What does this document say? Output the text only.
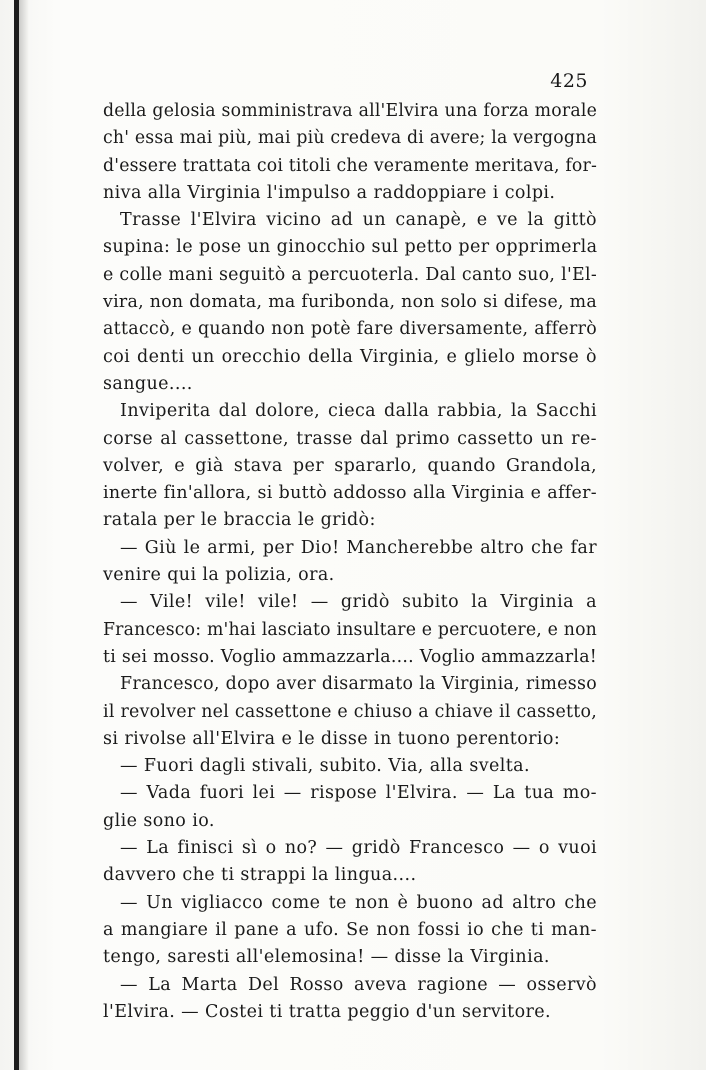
425
della gelosia somministrava all'Elvira una forza morale
ch' essa mai più, mai più credeva di avere; la vergogna
d'essere trattata coi titoli che veramente meritava, for-
niva alla Virginia l'impulso a raddoppiare i colpi.
Trasse l'Elvira vicino ad un canapè, e ve la gittò
supina: le pose un ginocchio sul petto per opprimerla
e colle mani seguitò a percuoterla. Dal canto suo, l'El-
vira, non domata, ma furibonda, non solo si difese, ma
attaccò, e quando non potè fare diversamente, afferrò
coi denti un orecchio della Virginia, e glielo morse ò
sangue....
Inviperita dal dolore, cieca dalla rabbia, la Sacchi
corse al cassettone, trasse dal primo cassetto un re-
volver, e già stava per spararlo, quando Grandola,
inerte fin'allora, si buttò addosso alla Virginia e affer-
ratala per le braccia le gridò:
— Giù le armi, per Dio! Mancherebbe altro che far
venire qui la polizia, ora.
— Vile! vile! vile! — gridò subito la Virginia a
Francesco: m'hai lasciato insultare e percuotere, e non
ti sei mosso. Voglio ammazzarla.... Voglio ammazzarla!
Francesco, dopo aver disarmato la Virginia, rimesso
il revolver nel cassettone e chiuso a chiave il cassetto,
si rivolse all'Elvira e le disse in tuono perentorio:
— Fuori dagli stivali, subito. Via, alla svelta.
— Vada fuori lei — rispose l'Elvira. — La tua mo-
glie sono io.
— La finisci sì o no? — gridò Francesco — o vuoi
davvero che ti strappi la lingua....
— Un vigliacco come te non è buono ad altro che
a mangiare il pane a ufo. Se non fossi io che ti man-
tengo, saresti all'elemosina! — disse la Virginia.
— La Marta Del Rosso aveva ragione — osservò
l'Elvira. — Costei ti tratta peggio d'un servitore.
